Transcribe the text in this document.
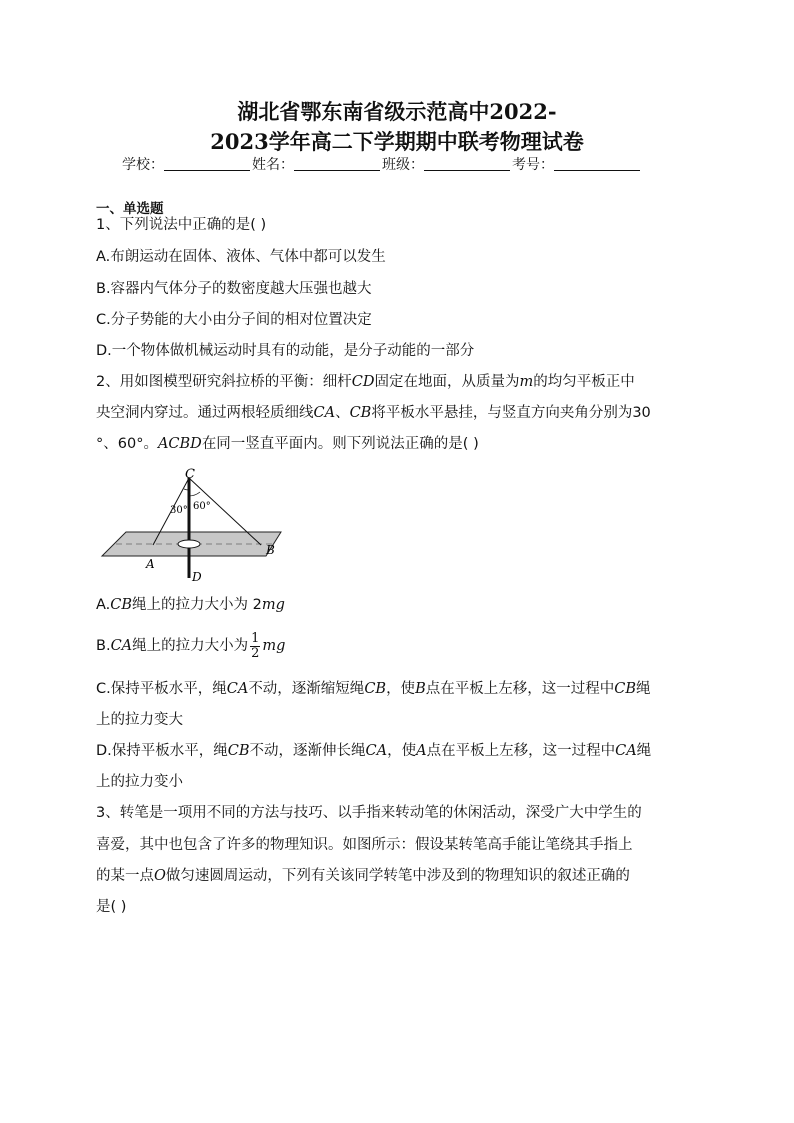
湖北省鄂东南省级示范高中2022-
2023学年高二下学期期中联考物理试卷
学校：	姓名：	班级：	考号：
一、单选题
1、下列说法中正确的是( )
A.布朗运动在固体、液体、气体中都可以发生
B.容器内气体分子的数密度越大压强也越大
C.分子势能的大小由分子间的相对位置决定
D.一个物体做机械运动时具有的动能，是分子动能的一部分
2、用如图模型研究斜拉桥的平衡：细杆CD固定在地面，从质量为m的均匀平板正中
央空洞内穿过。通过两根轻质细线CA、CB将平板水平悬挂，与竖直方向夹角分别为30
°、60°。ACBD在同一竖直平面内。则下列说法正确的是( )
C
30° 60°
A
B
D
A.CB绳上的拉力大小为 2mg
B.CA绳上的拉力大小为 $\frac{1}{2}$ mg
C.保持平板水平，绳CA不动，逐渐缩短绳CB，使B点在平板上左移，这一过程中CB绳
上的拉力变大
D.保持平板水平，绳CB不动，逐渐伸长绳CA，使A点在平板上左移，这一过程中CA绳
上的拉力变小
3、转笔是一项用不同的方法与技巧、以手指来转动笔的休闲活动，深受广大中学生的
喜爱，其中也包含了许多的物理知识。如图所示：假设某转笔高手能让笔绕其手指上
的某一点O做匀速圆周运动，下列有关该同学转笔中涉及到的物理知识的叙述正确的
是( )
